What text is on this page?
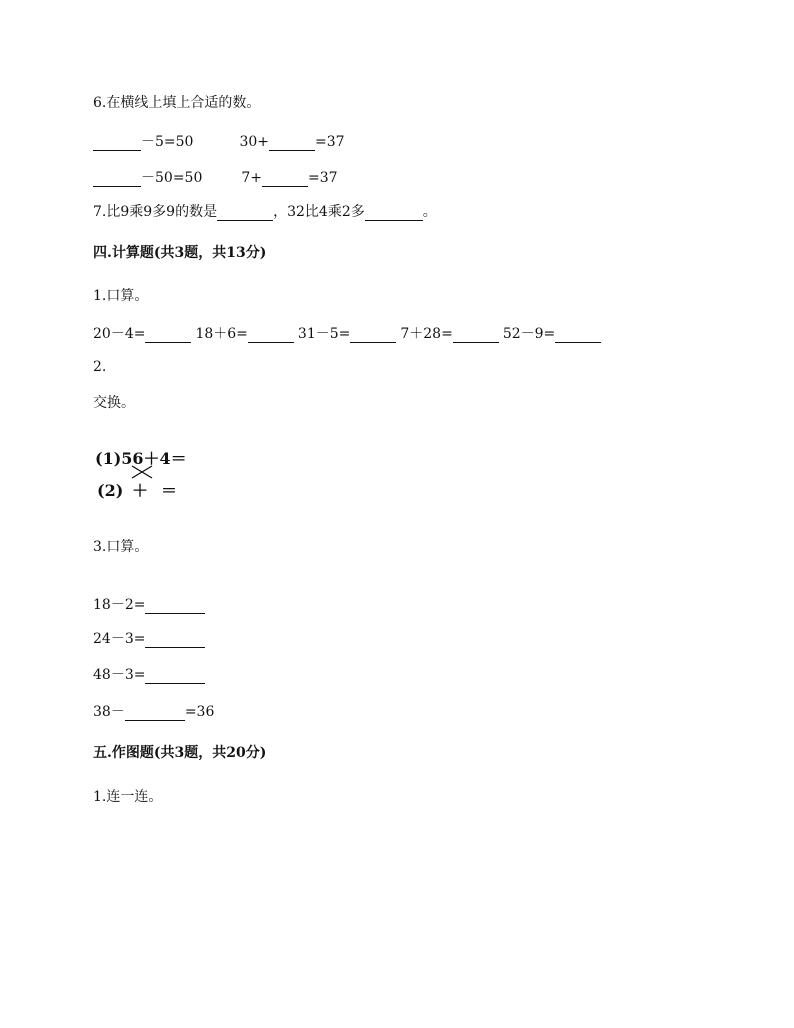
6.在横线上填上合适的数。
－5=50	30+	=37
－50=50	7+	=37
7.比9乘9多9的数是	，32比4乘2多	。
四.计算题(共3题，共13分)
1.口算。
20－4=	18＋6=	31－5=	7＋28=	52－9=
2.
交换。
(1)56＋4＝
(2) ＋ ＝
3.口算。
18－2=
24－3=
48－3=
38－	=36
五.作图题(共3题，共20分)
1.连一连。
